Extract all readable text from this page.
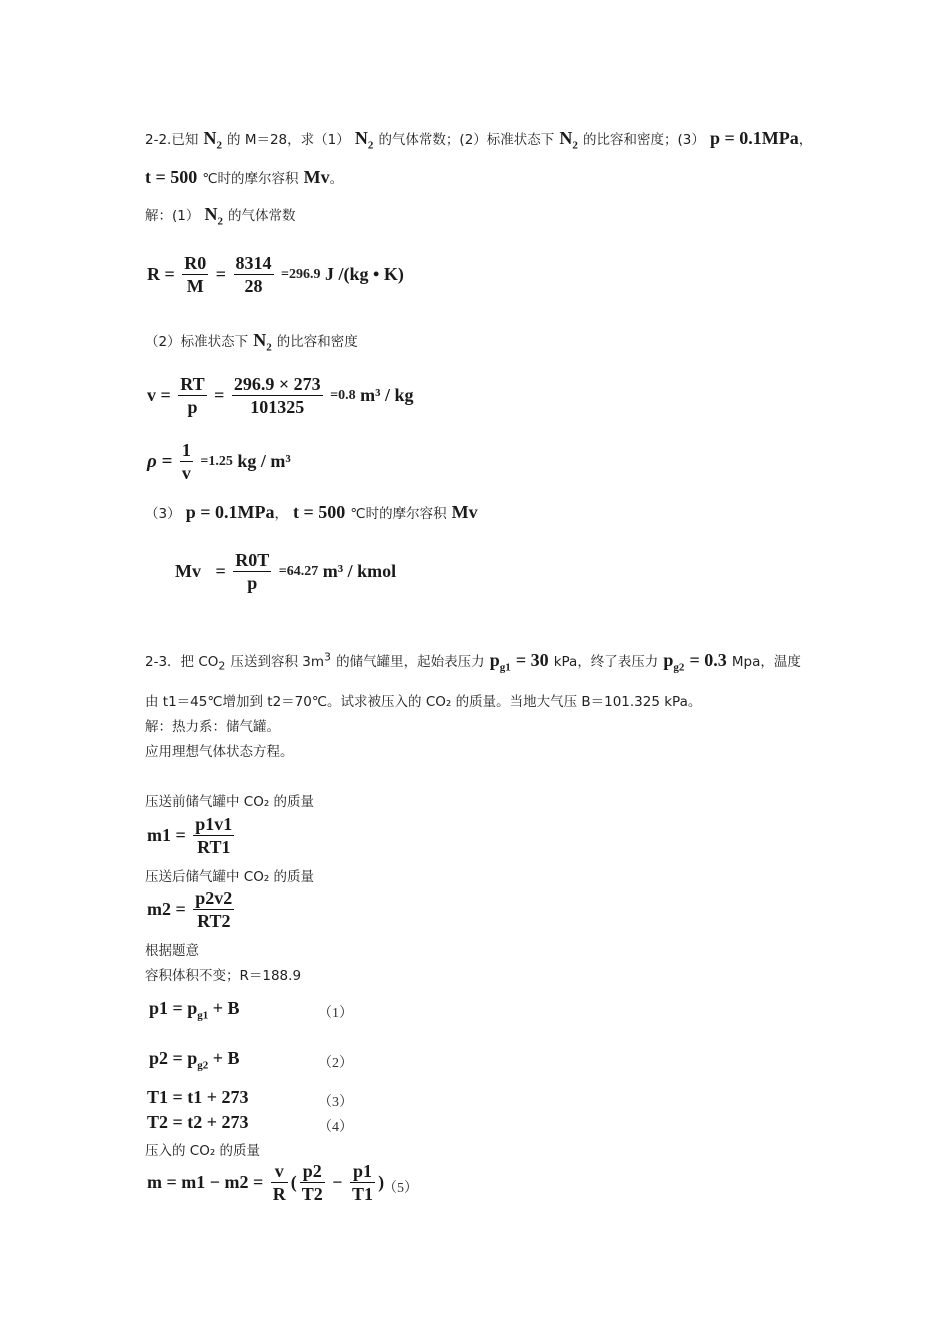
2-2.已知 $N_2$ 的 M＝28，求（1） $N_2$ 的气体常数；(2）标准状态下 $N_2$ 的比容和密度；(3） p = 0.1MPa，
t = 500 ℃时的摩尔容积 Mv。
解：(1） $N_2$ 的气体常数
$R = \frac{R0}{M} = \frac{8314}{28} =296.9$ J /(kg • K)
（2）标准状态下 $N_2$ 的比容和密度
$v = \frac{RT}{p} = \frac{296.9 \times 273}{101325} =0.8$ m³ / kg
$\rho = \frac{1}{v} =1.25$ kg / m³
（3） p = 0.1MPa， t = 500 ℃时的摩尔容积 Mv
$Mv = \frac{R0T}{p} =64.27$ m³ / kmol
2-3．把 $CO_2$ 压送到容积 $3m^3$ 的储气罐里，起始表压力 $p_{g1} = 30$ kPa，终了表压力 $p_{g2} = 0.3$ Mpa，温度
由 t1＝45℃增加到 t2＝70℃。试求被压入的 CO₂ 的质量。当地大气压 B＝101.325 kPa。
解：热力系：储气罐。
应用理想气体状态方程。
压送前储气罐中 CO₂ 的质量
$m1 = \frac{p1v1}{RT1}$
压送后储气罐中 CO₂ 的质量
$m2 = \frac{p2v2}{RT2}$
根据题意
容积体积不变；R＝188.9
$p1 = p_{g1} + B$	（1）
$p2 = p_{g2} + B$	（2）
T1 = t1 + 273	（3）
T2 = t2 + 273	（4）
压入的 CO₂ 的质量
$m = m1 - m2 = \frac{v}{R}$ ( $\frac{p2}{T2} - \frac{p1}{T1}$ )
（5）
